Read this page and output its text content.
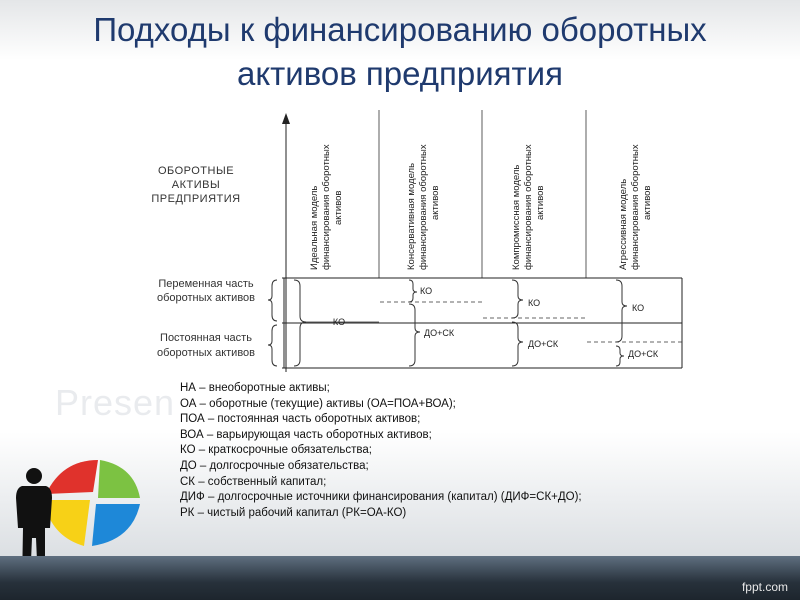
Подходы к финансированию оборотных
активов предприятия
Presen
ОБОРОТНЫЕ
АКТИВЫ
ПРЕДПРИЯТИЯ	Идеальная модель финансирования оборотных активов	Консервативная модель финансирования оборотных активов	Компромиссная модель финансирования оборотных активов	Агрессивная модель финансирования оборотных активов
Переменная часть
оборотных активов
Постоянная часть
оборотных активов
КО
КО
ДО+СК
КО
ДО+СК
КО
ДО+СК
НА – внеоборотные активы;
ОА – оборотные (текущие) активы (ОА=ПОА+ВОА);
ПОА – постоянная часть оборотных активов;
ВОА – варьирующая часть оборотных активов;
КО – краткосрочные обязательства;
ДО – долгосрочные обязательства;
СК – собственный капитал;
ДИФ – долгосрочные источники финансирования (капитал) (ДИФ=СК+ДО);
РК – чистый рабочий капитал (РК=ОА-КО)
fppt.com
